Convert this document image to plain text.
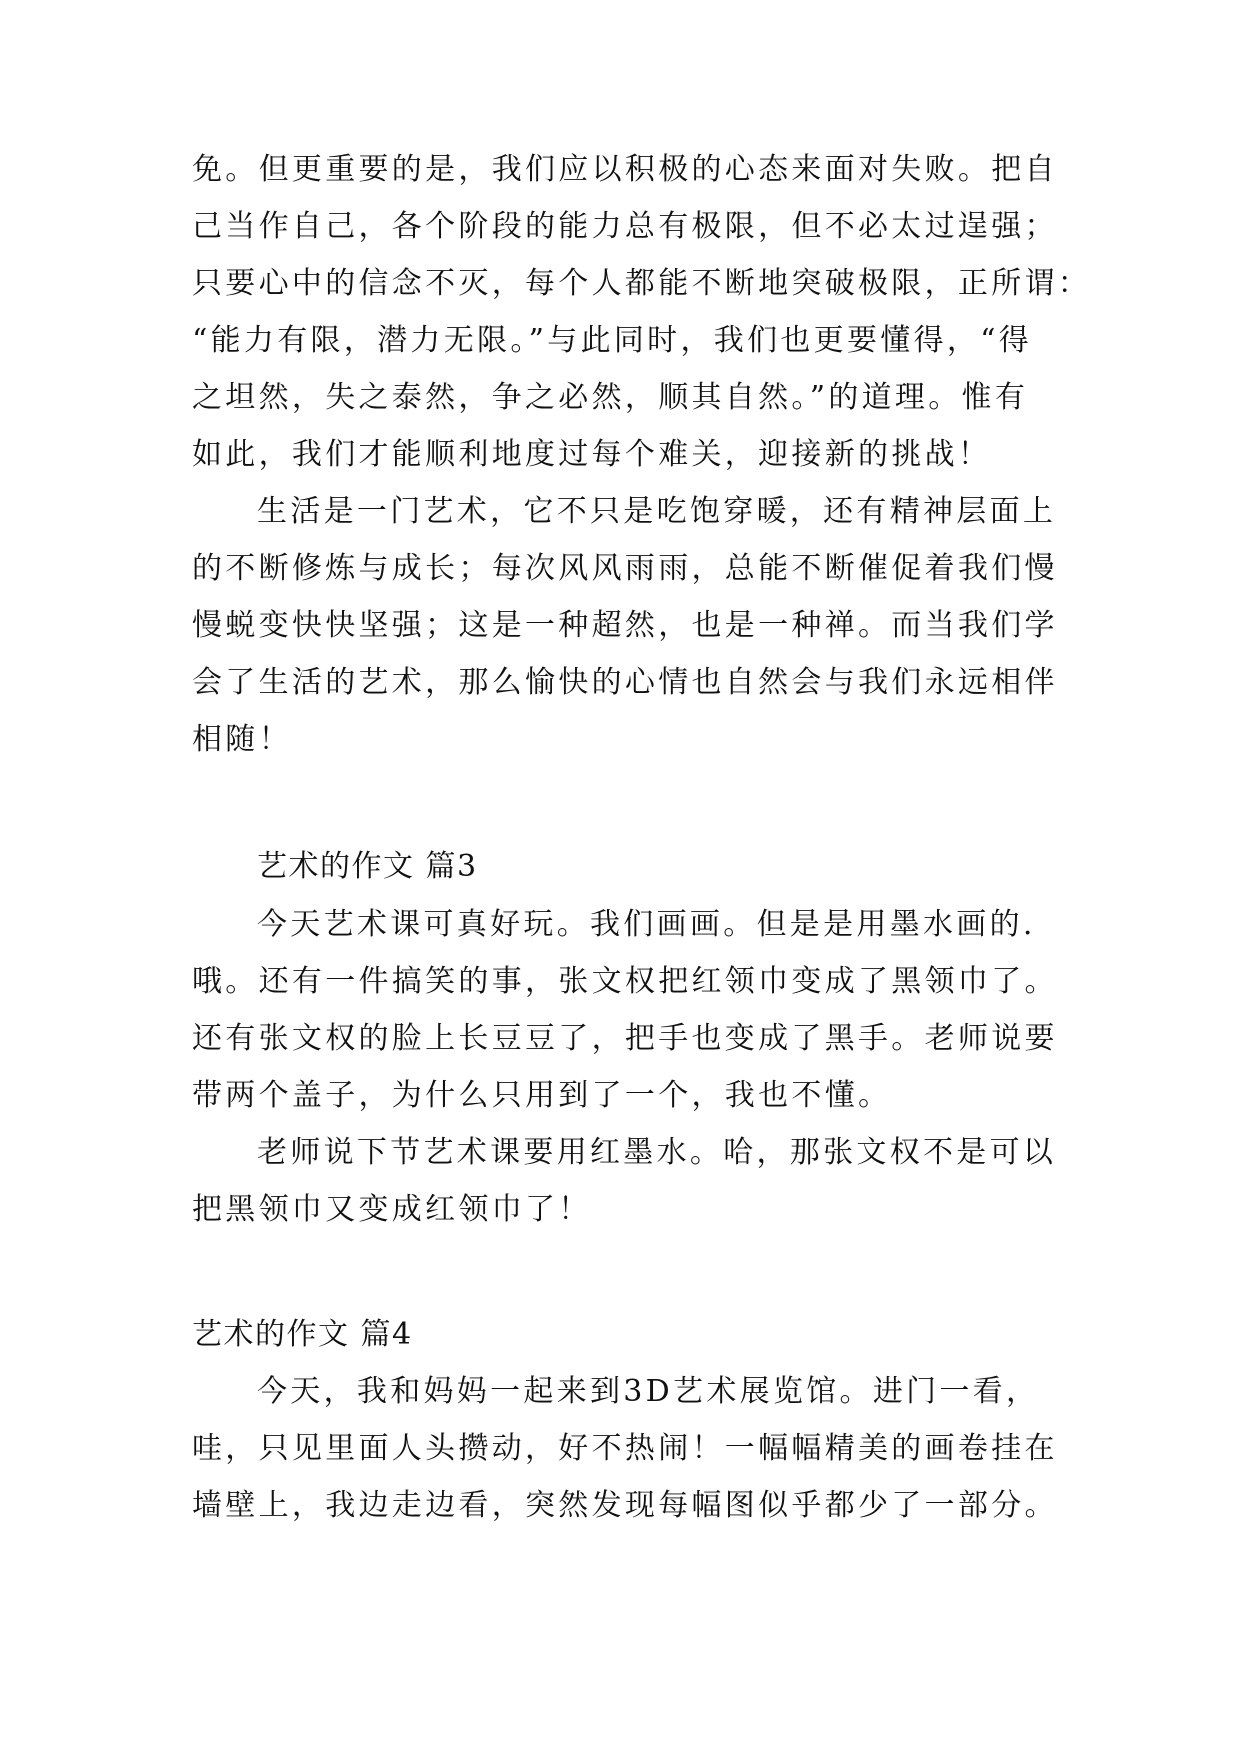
免。但更重要的是，我们应以积极的心态来面对失败。把自
己当作自己，各个阶段的能力总有极限，但不必太过逞强；
只要心中的信念不灭，每个人都能不断地突破极限，正所谓：
“能力有限，潜力无限。”与此同时，我们也更要懂得，“得
之坦然，失之泰然，争之必然，顺其自然。”的道理。惟有
如此，我们才能顺利地度过每个难关，迎接新的挑战！
生活是一门艺术，它不只是吃饱穿暖，还有精神层面上
的不断修炼与成长；每次风风雨雨，总能不断催促着我们慢
慢蜕变快快坚强；这是一种超然，也是一种禅。而当我们学
会了生活的艺术，那么愉快的心情也自然会与我们永远相伴
相随！
艺术的作文 篇3
今天艺术课可真好玩。我们画画。但是是用墨水画的.
哦。还有一件搞笑的事，张文权把红领巾变成了黑领巾了。
还有张文权的脸上长豆豆了，把手也变成了黑手。老师说要
带两个盖子，为什么只用到了一个，我也不懂。
老师说下节艺术课要用红墨水。哈，那张文权不是可以
把黑领巾又变成红领巾了！
艺术的作文 篇4
今天，我和妈妈一起来到3D艺术展览馆。进门一看，
哇，只见里面人头攒动，好不热闹！一幅幅精美的画卷挂在
墙壁上，我边走边看，突然发现每幅图似乎都少了一部分。
